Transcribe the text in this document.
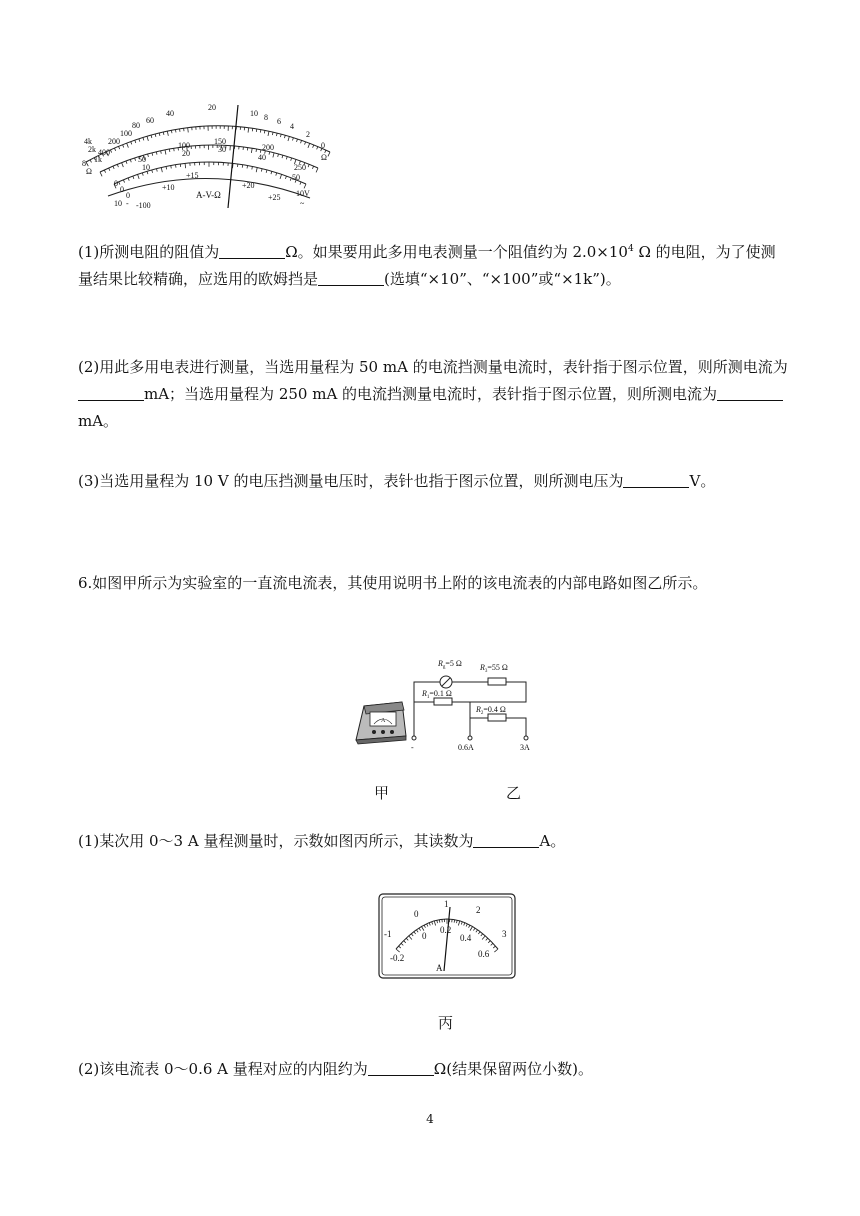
40
20
10 8 6
4
2
0
Ω
80
60
100
200
2k 400
4k
1k
8
Ω
150
30	200
40
250
50
100
20
50
10
0
0
0
+15
+10
-100
10
+20
+25 10V
A-V-Ω
-	~

(1)所测电阻的阻值为	Ω。如果要用此多用电表测量一个阻值约为 $2.0\times 10^4$ Ω 的电阻，为了使测量结果比较精确，应选用的欧姆挡是	(选填“×10”、“×100”或“×1k”)。

(2)用此多用电表进行测量，当选用量程为 50 mA 的电流挡测量电流时，表针指于图示位置，则所测电流为mA；当选用量程为 250 mA 的电流挡测量电流时，表针指于图示位置，则所测电流为mA。

(3)当选用量程为 10 V 的电压挡测量电压时，表针也指于图示位置，则所测电压为	V。

6.如图甲所示为实验室的一直流电流表，其使用说明书上附的该电流表的内部电路如图乙所示。

A
$R_g=5$ Ω $R_3=55$ Ω
$R_1=0.1$ Ω
$R_2=0.4$ Ω
-	0.6A	3A
甲	乙

(1)某次用 0～3 A 量程测量时，示数如图丙所示，其读数为	A。

-1
0
1
2
3
-0.2
0
0.2
0.4
0.6
A
丙

(2)该电流表 0～0.6 A 量程对应的内阻约为	Ω(结果保留两位小数)。

4
